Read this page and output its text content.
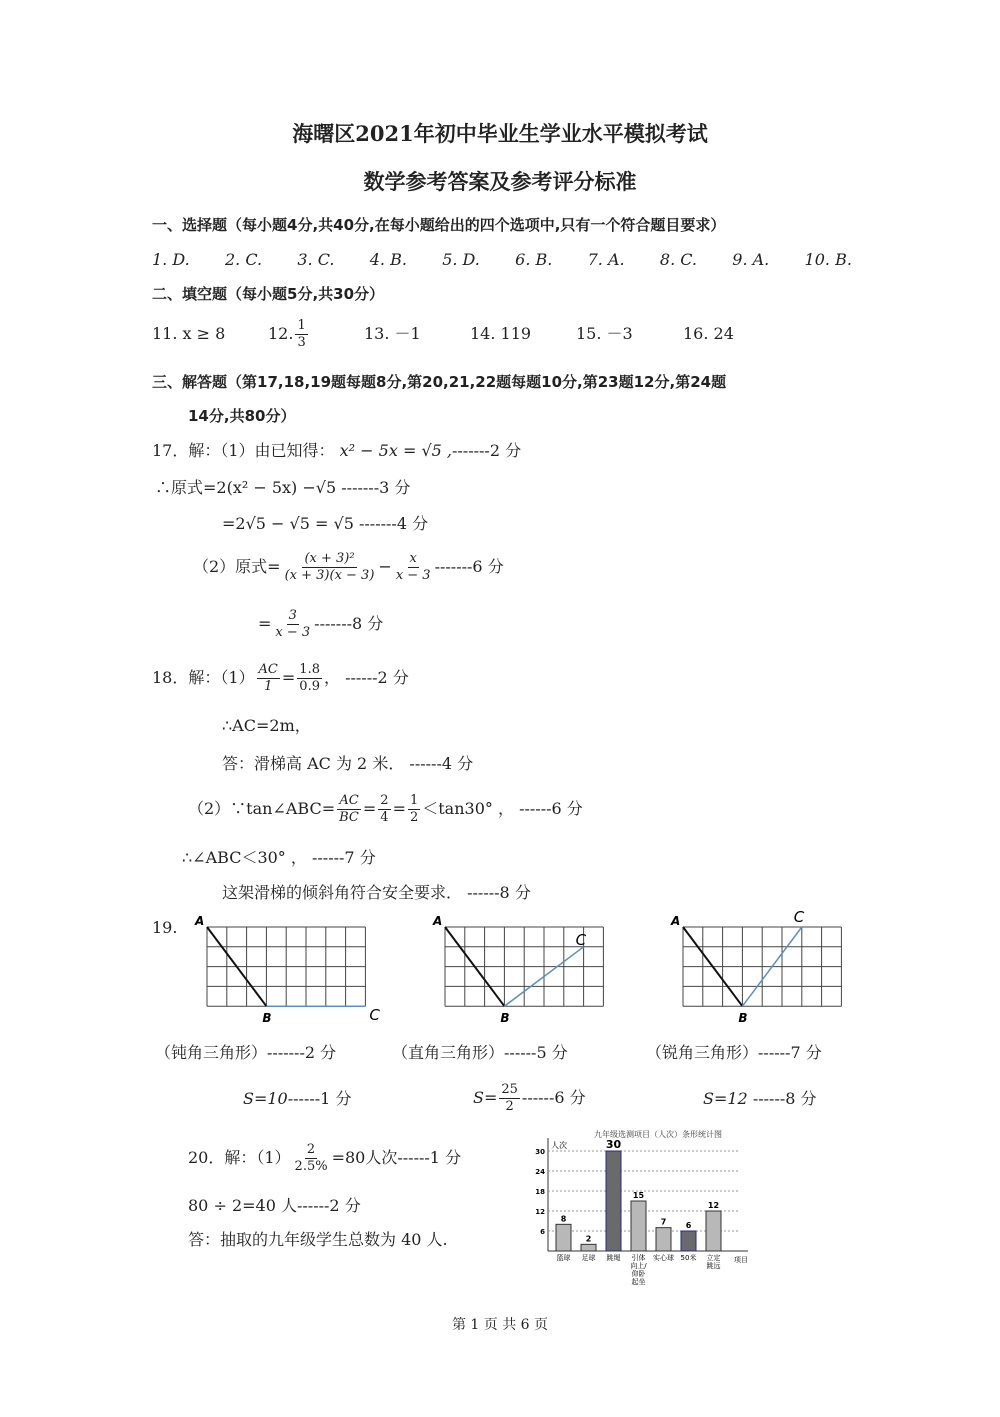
海曙区2021年初中毕业生学业水平模拟考试
数学参考答案及参考评分标准
一、选择题（每小题4分,共40分,在每小题给出的四个选项中,只有一个符合题目要求）
1. D. 2. C. 3. C. 4. B. 5. D. 6. B. 7. A. 8. C. 9. A. 10. B.
二、填空题（每小题5分,共30分）
11. x ≥ 8	12. $\frac{1}{3}$	13. －1	14. 119	15. －3	16. 24
三、解答题（第17,18,19题每题8分,第20,21,22题每题10分,第23题12分,第24题
14分,共80分）
17．解：（1）由已知得： x² − 5x = √5 ,-------2 分
∴原式=2(x² − 5x) −√5 -------3 分
=2√5 − √5 = √5 -------4 分
（2）原式= $\frac{\text{(x + 3)²}}{(x + 3)(x - 3)} - \frac{x}{x - 3} -------6$ 分
= $\frac{3}{x - 3} -------8$ 分
18．解：$(1) \frac{AC}{1} = \frac{1.8}{0.9}$ ， ------2 分
∴AC=2m，
答：滑梯高 AC 为 2 米． ------4 分
（2）∵tan∠ABC= $\frac{AC}{BC} = \frac{2}{4} = \frac{1}{2} <\tan 30^\circ$ ， ------6 分
∴∠ABC＜30° ， ------7 分
这架滑梯的倾斜角符合安全要求． ------8 分
19. A
B	C
A
B
C
A
B
C
（钝角三角形）-------2 分	（直角三角形）------5 分	（锐角三角形）------7 分
S=10------1 分	$S= \frac{25}{2} ------6$ 分	S=12 ------8 分
20．解：$(1) \frac{2}{2.5\%} =80$人次------1 分
80 ÷ 2=40 人------2 分
答：抽取的九年级学生总数为 40 人.
九年级选测项目（人次）条形统计图
人次
项目
6
12
18
24
30
8
篮球
2
足球
30
跳绳
15
引体
向上/
仰卧
起坐
7
实心球
6
50米
12
立定
跳远
第 1 页 共 6 页
